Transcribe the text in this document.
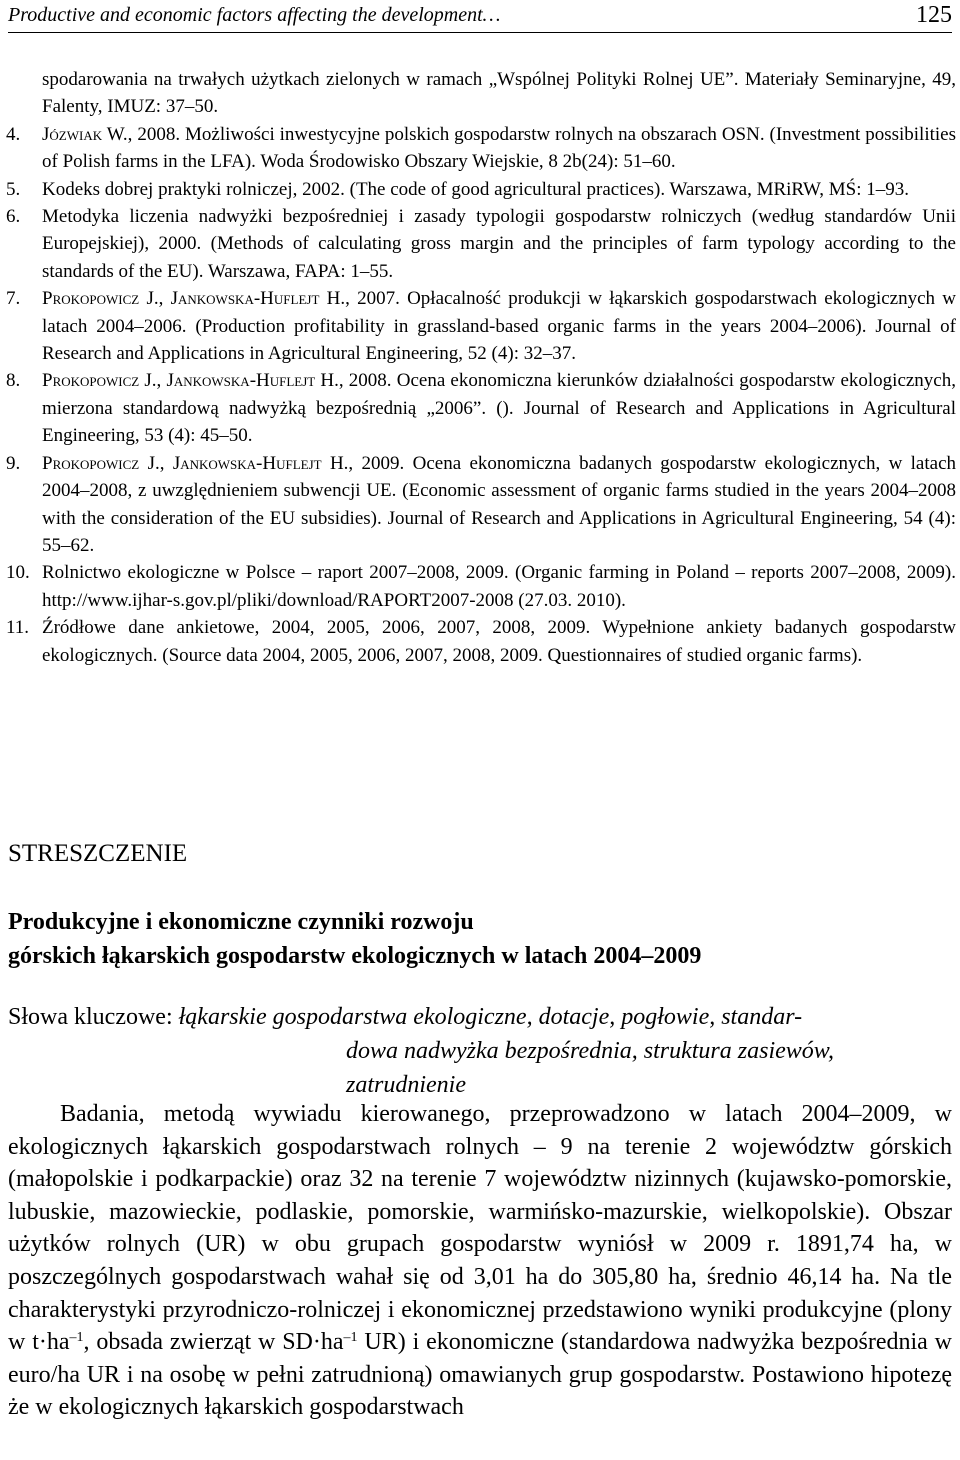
Productive and economic factors affecting the development…	125
spodarowania na trwałych użytkach zielonych w ramach „Wspólnej Polityki Rolnej UE”. Materiały Seminaryjne, 49, Falenty, IMUZ: 37–50.
4. Józwiak W., 2008. Możliwości inwestycyjne polskich gospodarstw rolnych na obszarach OSN. (Investment possibilities of Polish farms in the LFA). Woda Środowisko Obszary Wiejskie, 8 2b(24): 51–60.
5. Kodeks dobrej praktyki rolniczej, 2002. (The code of good agricultural practices). Warszawa, MRiRW, MŚ: 1–93.
6. Metodyka liczenia nadwyżki bezpośredniej i zasady typologii gospodarstw rolniczych (według standardów Unii Europejskiej), 2000. (Methods of calculating gross margin and the principles of farm typology according to the standards of the EU). Warszawa, FAPA: 1–55.
7. Prokopowicz J., Jankowska-Huflejt H., 2007. Opłacalność produkcji w łąkarskich gospodarstwach ekologicznych w latach 2004–2006. (Production profitability in grassland-based organic farms in the years 2004–2006). Journal of Research and Applications in Agricultural Engineering, 52 (4): 32–37.
8. Prokopowicz J., Jankowska-Huflejt H., 2008. Ocena ekonomiczna kierunków działalności gospodarstw ekologicznych, mierzona standardową nadwyżką bezpośrednią „2006”. (). Journal of Research and Applications in Agricultural Engineering, 53 (4): 45–50.
9. Prokopowicz J., Jankowska-Huflejt H., 2009. Ocena ekonomiczna badanych gospodarstw ekologicznych, w latach 2004–2008, z uwzględnieniem subwencji UE. (Economic assessment of organic farms studied in the years 2004–2008 with the consideration of the EU subsidies). Journal of Research and Applications in Agricultural Engineering, 54 (4): 55–62.
10. Rolnictwo ekologiczne w Polsce – raport 2007–2008, 2009. (Organic farming in Poland – reports 2007–2008, 2009). http://www.ijhar-s.gov.pl/pliki/download/RAPORT2007-2008 (27.03. 2010).
11. Źródłowe dane ankietowe, 2004, 2005, 2006, 2007, 2008, 2009. Wypełnione ankiety badanych gospodarstw ekologicznych. (Source data 2004, 2005, 2006, 2007, 2008, 2009. Questionnaires of studied organic farms).
STRESZCZENIE
Produkcyjne i ekonomiczne czynniki rozwoju
górskich łąkarskich gospodarstw ekologicznych w latach 2004–2009
Słowa kluczowe: łąkarskie gospodarstwa ekologiczne, dotacje, pogłowie, standar-
dowa nadwyżka bezpośrednia, struktura zasiewów, zatrudnienie
Badania, metodą wywiadu kierowanego, przeprowadzono w latach 2004–2009, w ekologicznych łąkarskich gospodarstwach rolnych – 9 na terenie 2 województw górskich (małopolskie i podkarpackie) oraz 32 na terenie 7 województw nizinnych (kujawsko-pomorskie, lubuskie, mazowieckie, podlaskie, pomorskie, warmińsko-mazurskie, wielkopolskie). Obszar użytków rolnych (UR) w obu grupach gospodarstw wyniósł w 2009 r. 1891,74 ha, w poszczególnych gospodarstwach wahał się od 3,01 ha do 305,80 ha, średnio 46,14 ha. Na tle charakterystyki przyrodniczo-rolniczej i ekonomicznej przedstawiono wyniki produkcyjne (plony w $t\cdot ha^{-1}$, obsada zwierząt w $SD\cdot ha^{-1}$ UR) i ekonomiczne (standardowa nadwyżka bezpośrednia w euro/ha UR i na osobę w pełni zatrudnioną) omawianych grup gospodarstw. Postawiono hipotezę że w ekologicznych łąkarskich gospodarstwach
